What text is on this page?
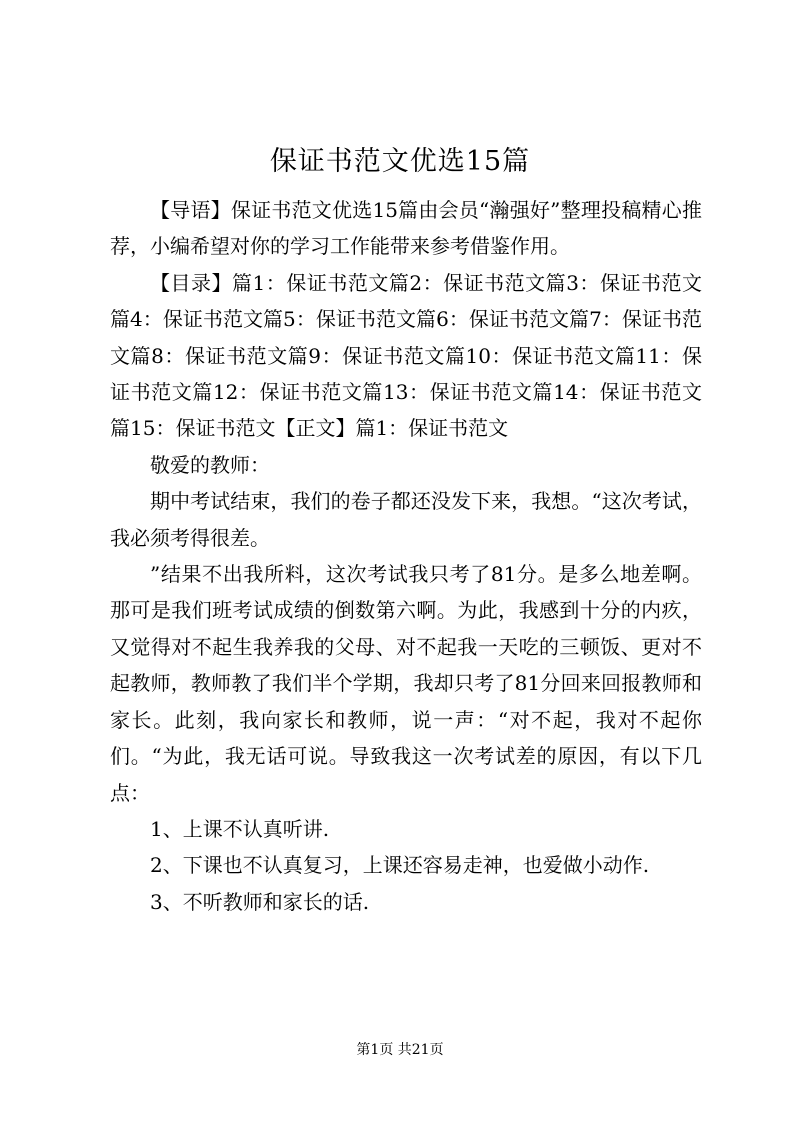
保证书范文优选15篇

【导语】保证书范文优选15篇由会员“瀚强好”整理投稿精心推荐，小编希望对你的学习工作能带来参考借鉴作用。

【目录】篇1：保证书范文篇2：保证书范文篇3：保证书范文篇4：保证书范文篇5：保证书范文篇6：保证书范文篇7：保证书范文篇8：保证书范文篇9：保证书范文篇10：保证书范文篇11：保证书范文篇12：保证书范文篇13：保证书范文篇14：保证书范文篇15：保证书范文【正文】篇1：保证书范文

敬爱的教师：

期中考试结束，我们的卷子都还没发下来，我想。“这次考试，我必须考得很差。

”结果不出我所料，这次考试我只考了81分。是多么地差啊。那可是我们班考试成绩的倒数第六啊。为此，我感到十分的内疚，又觉得对不起生我养我的父母、对不起我一天吃的三顿饭、更对不起教师，教师教了我们半个学期，我却只考了81分回来回报教师和家长。此刻，我向家长和教师，说一声：“对不起，我对不起你们。“为此，我无话可说。导致我这一次考试差的原因，有以下几点：

1、上课不认真听讲.

2、下课也不认真复习，上课还容易走神，也爱做小动作.

3、不听教师和家长的话.

第1页 共21页
